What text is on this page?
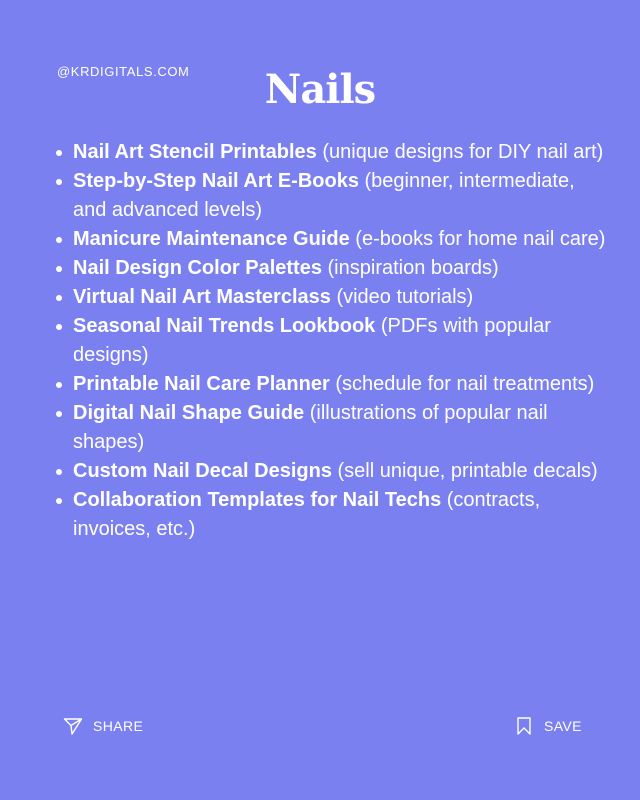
@KRDIGITALS.COM	Nails
Nail Art Stencil Printables (unique designs for DIY nail art)
Step-by-Step Nail Art E-Books (beginner, intermediate, and advanced levels)
Manicure Maintenance Guide (e-books for home nail care)
Nail Design Color Palettes (inspiration boards)
Virtual Nail Art Masterclass (video tutorials)
Seasonal Nail Trends Lookbook (PDFs with popular designs)
Printable Nail Care Planner (schedule for nail treatments)
Digital Nail Shape Guide (illustrations of popular nail shapes)
Custom Nail Decal Designs (sell unique, printable decals)
Collaboration Templates for Nail Techs (contracts, invoices, etc.)
SHARE	SAVE
